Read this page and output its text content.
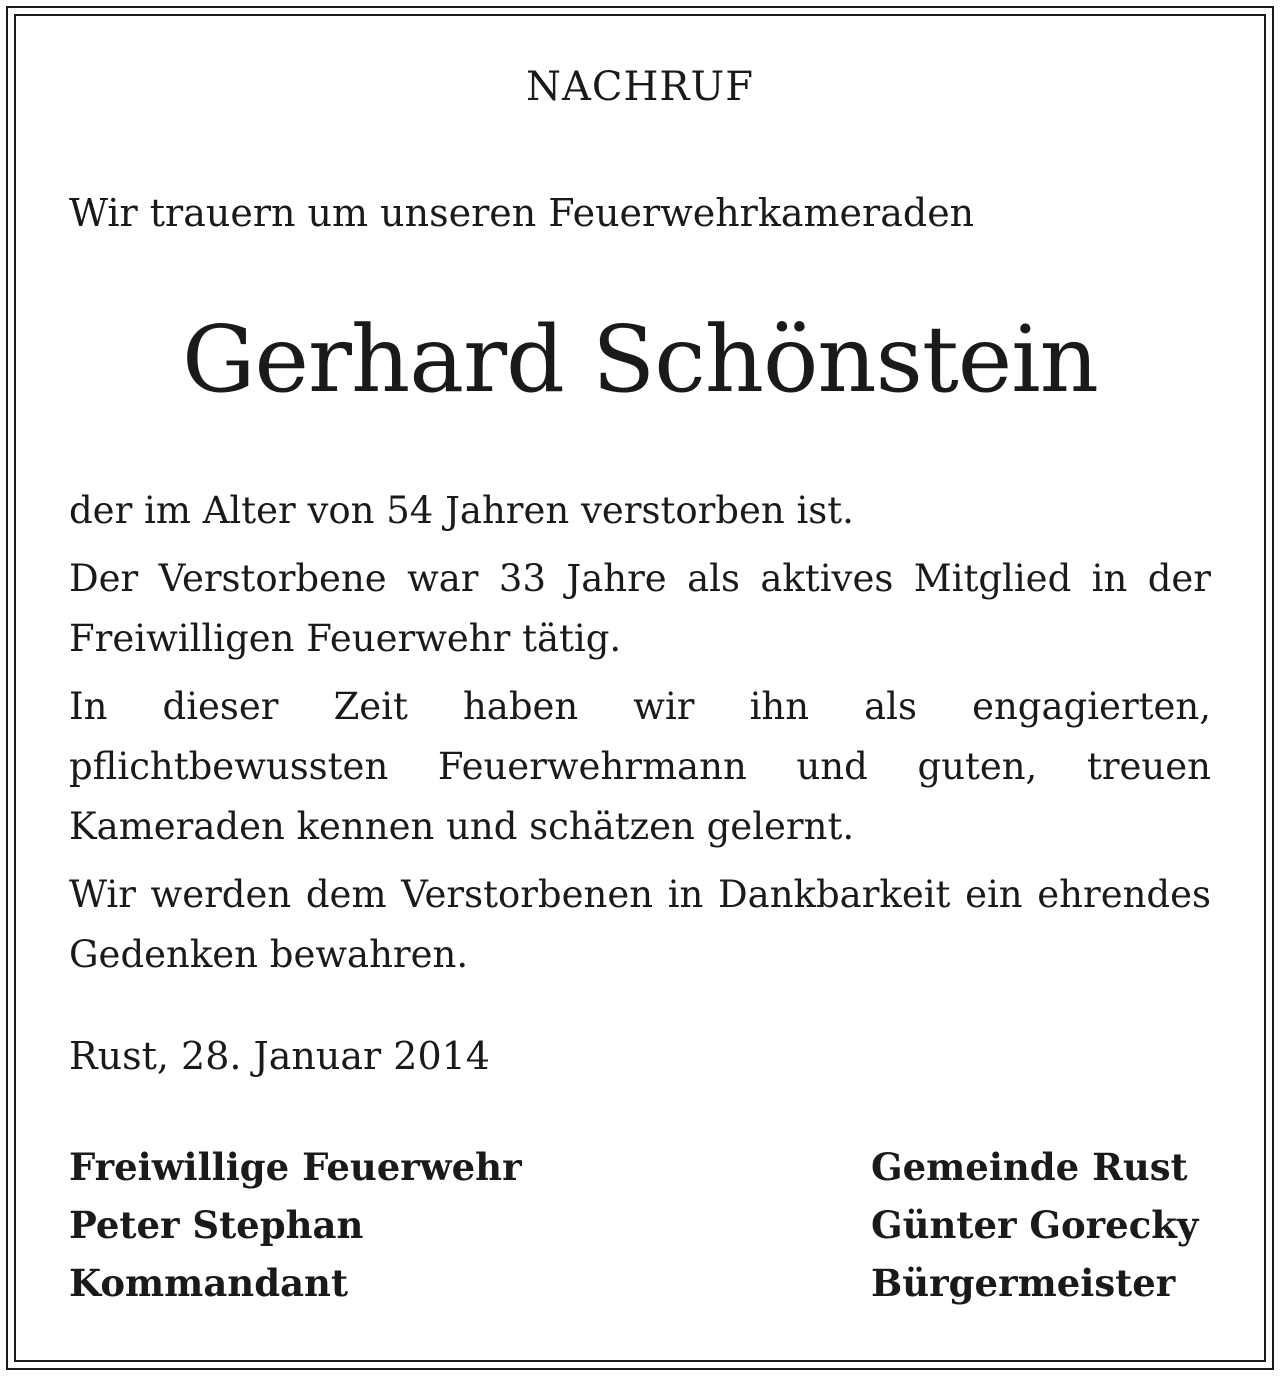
NACHRUF
Wir trauern um unseren Feuerwehrkameraden
Gerhard Schönstein

der im Alter von 54 Jahren verstorben ist.

Der Verstorbene war 33 Jahre als aktives Mitglied in der Freiwilligen Feuerwehr tätig.

In dieser Zeit haben wir ihn als engagierten, pflichtbewussten Feuerwehrmann und guten, treuen Kameraden kennen und schätzen gelernt.

Wir werden dem Verstorbenen in Dankbarkeit ein ehrendes Gedenken bewahren.

Rust, 28. Januar 2014
Freiwillige Feuerwehr
Peter Stephan
Kommandant
Gemeinde Rust
Günter Gorecky
Bürgermeister
